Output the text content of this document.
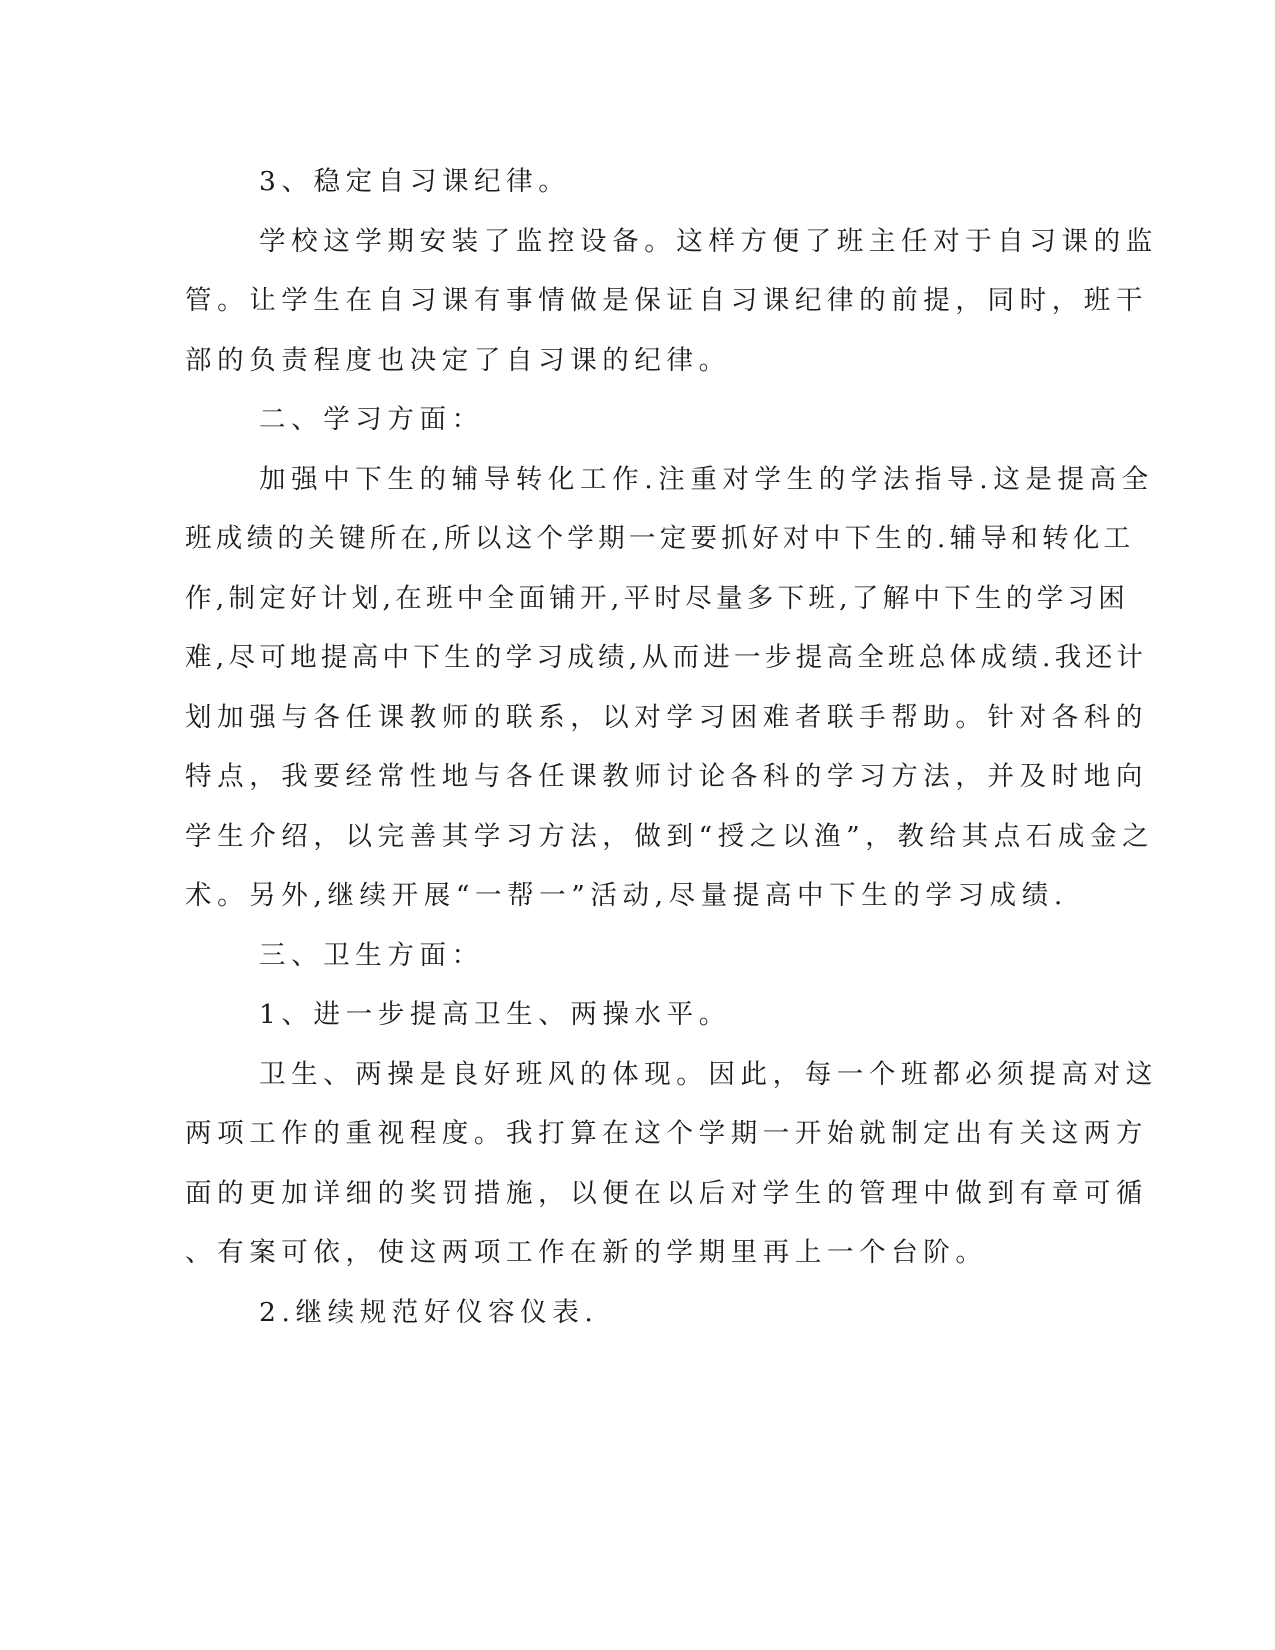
3、稳定自习课纪律。
学校这学期安装了监控设备。这样方便了班主任对于自习课的监
管。让学生在自习课有事情做是保证自习课纪律的前提，同时，班干
部的负责程度也决定了自习课的纪律。
二、学习方面：
加强中下生的辅导转化工作.注重对学生的学法指导.这是提高全
班成绩的关键所在,所以这个学期一定要抓好对中下生的.辅导和转化工
作,制定好计划,在班中全面铺开,平时尽量多下班,了解中下生的学习困
难,尽可地提高中下生的学习成绩,从而进一步提高全班总体成绩.我还计
划加强与各任课教师的联系，以对学习困难者联手帮助。针对各科的
特点，我要经常性地与各任课教师讨论各科的学习方法，并及时地向
学生介绍，以完善其学习方法，做到“授之以渔”，教给其点石成金之
术。另外,继续开展“一帮一”活动,尽量提高中下生的学习成绩.
三、卫生方面：
1、进一步提高卫生、两操水平。
卫生、两操是良好班风的体现。因此，每一个班都必须提高对这
两项工作的重视程度。我打算在这个学期一开始就制定出有关这两方
面的更加详细的奖罚措施，以便在以后对学生的管理中做到有章可循
、有案可依，使这两项工作在新的学期里再上一个台阶。
2.继续规范好仪容仪表.
